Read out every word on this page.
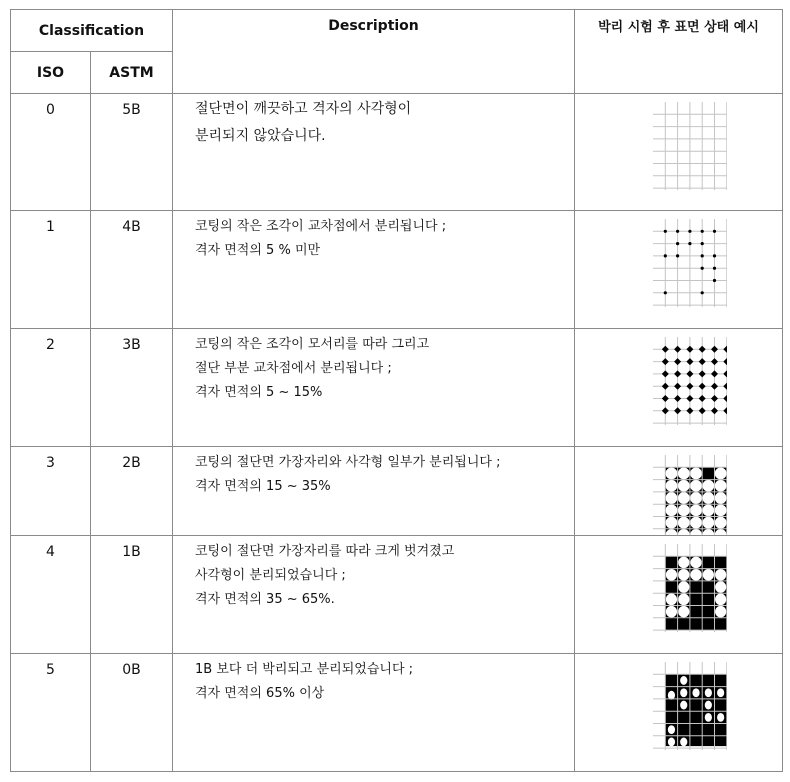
Classification		Description	박리 시험 후 표면 상태 예시
ISO	ASTM		
0	5B	절단면이 깨끗하고 격자의 사각형이
분리되지 않았습니다.

1	4B	코팅의 작은 조각이 교차점에서 분리됩니다 ;
격자 면적의 5 % 미만

2	3B	코팅의 작은 조각이 모서리를 따라 그리고
절단 부분 교차점에서 분리됩니다 ;
격자 면적의 5 ~ 15%

3	2B	코팅의 절단면 가장자리와 사각형 일부가 분리됩니다 ;
격자 면적의 15 ~ 35%

4	1B	코팅이 절단면 가장자리를 따라 크게 벗겨졌고
사각형이 분리되었습니다 ;
격자 면적의 35 ~ 65%.

5	0B	1B 보다 더 박리되고 분리되었습니다 ;
격자 면적의 65% 이상
